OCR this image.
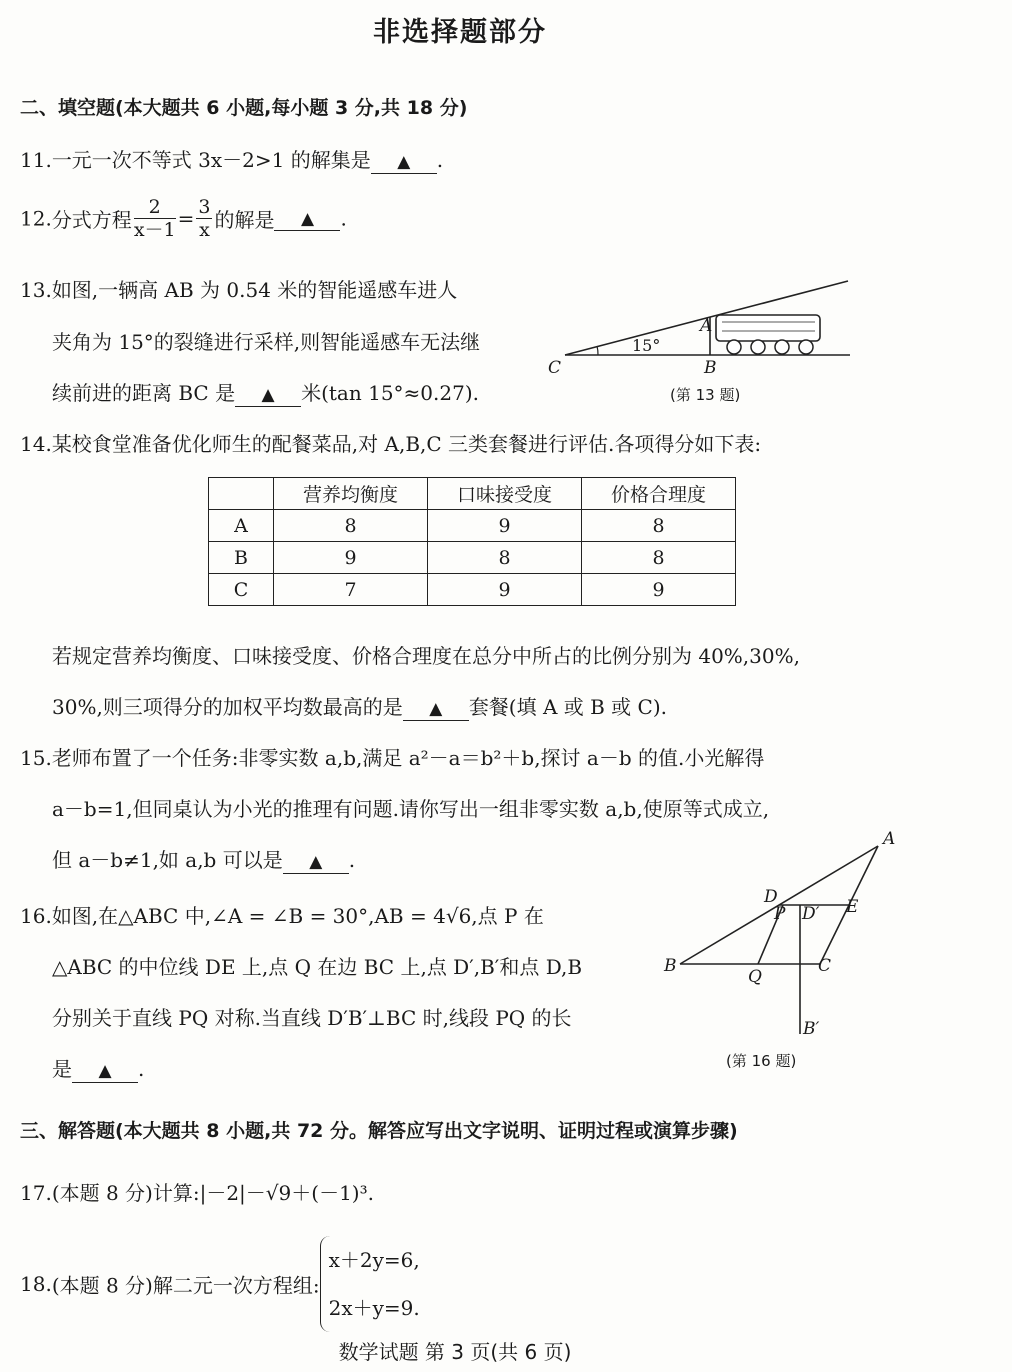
非选择题部分
二、填空题(本大题共 6 小题,每小题 3 分,共 18 分)
11.一元一次不等式 3x－2>1 的解集是 ▲ .
12.分式方程 $\frac{2}{x-1} = \frac{3}{x}$ 的解是 ▲ .
13.如图,一辆高 AB 为 0.54 米的智能遥感车进人
夹角为 15°的裂缝进行采样,则智能遥感车无法继
续前进的距离 BC 是 ▲ 米(tan 15°≈0.27).
15°
A
B
C
(第 13 题)
14.某校食堂准备优化师生的配餐菜品,对 A,B,C 三类套餐进行评估.各项得分如下表:
	营养均衡度	口味接受度	价格合理度
A	8	9	8
B	9	8	8
C	7	9	9
若规定营养均衡度、口味接受度、价格合理度在总分中所占的比例分别为 40%,30%,
30%,则三项得分的加权平均数最高的是 ▲ 套餐(填 A 或 B 或 C).
15.老师布置了一个任务:非零实数 a,b,满足 a²－a＝b²＋b,探讨 a－b 的值.小光解得
a－b=1,但同桌认为小光的推理有问题.请你写出一组非零实数 a,b,使原等式成立,
但 a－b≠1,如 a,b 可以是 ▲ .
16.如图,在△ABC 中,∠A = ∠B = 30°,AB = 4√6,点 P 在
△ABC 的中位线 DE 上,点 Q 在边 BC 上,点 D′,B′和点 D,B
分别关于直线 PQ 对称.当直线 D′B′⊥BC 时,线段 PQ 的长
是 ▲ .
A
B	C
D	E
P
Q
D′
B′
(第 16 题)
三、解答题(本大题共 8 小题,共 72 分。解答应写出文字说明、证明过程或演算步骤)
17.(本题 8 分)计算:|－2|－√9＋(－1)³.
18.(本题 8 分)解二元一次方程组:
x＋2y=6,
2x＋y=9.
数学试题 第 3 页(共 6 页)
